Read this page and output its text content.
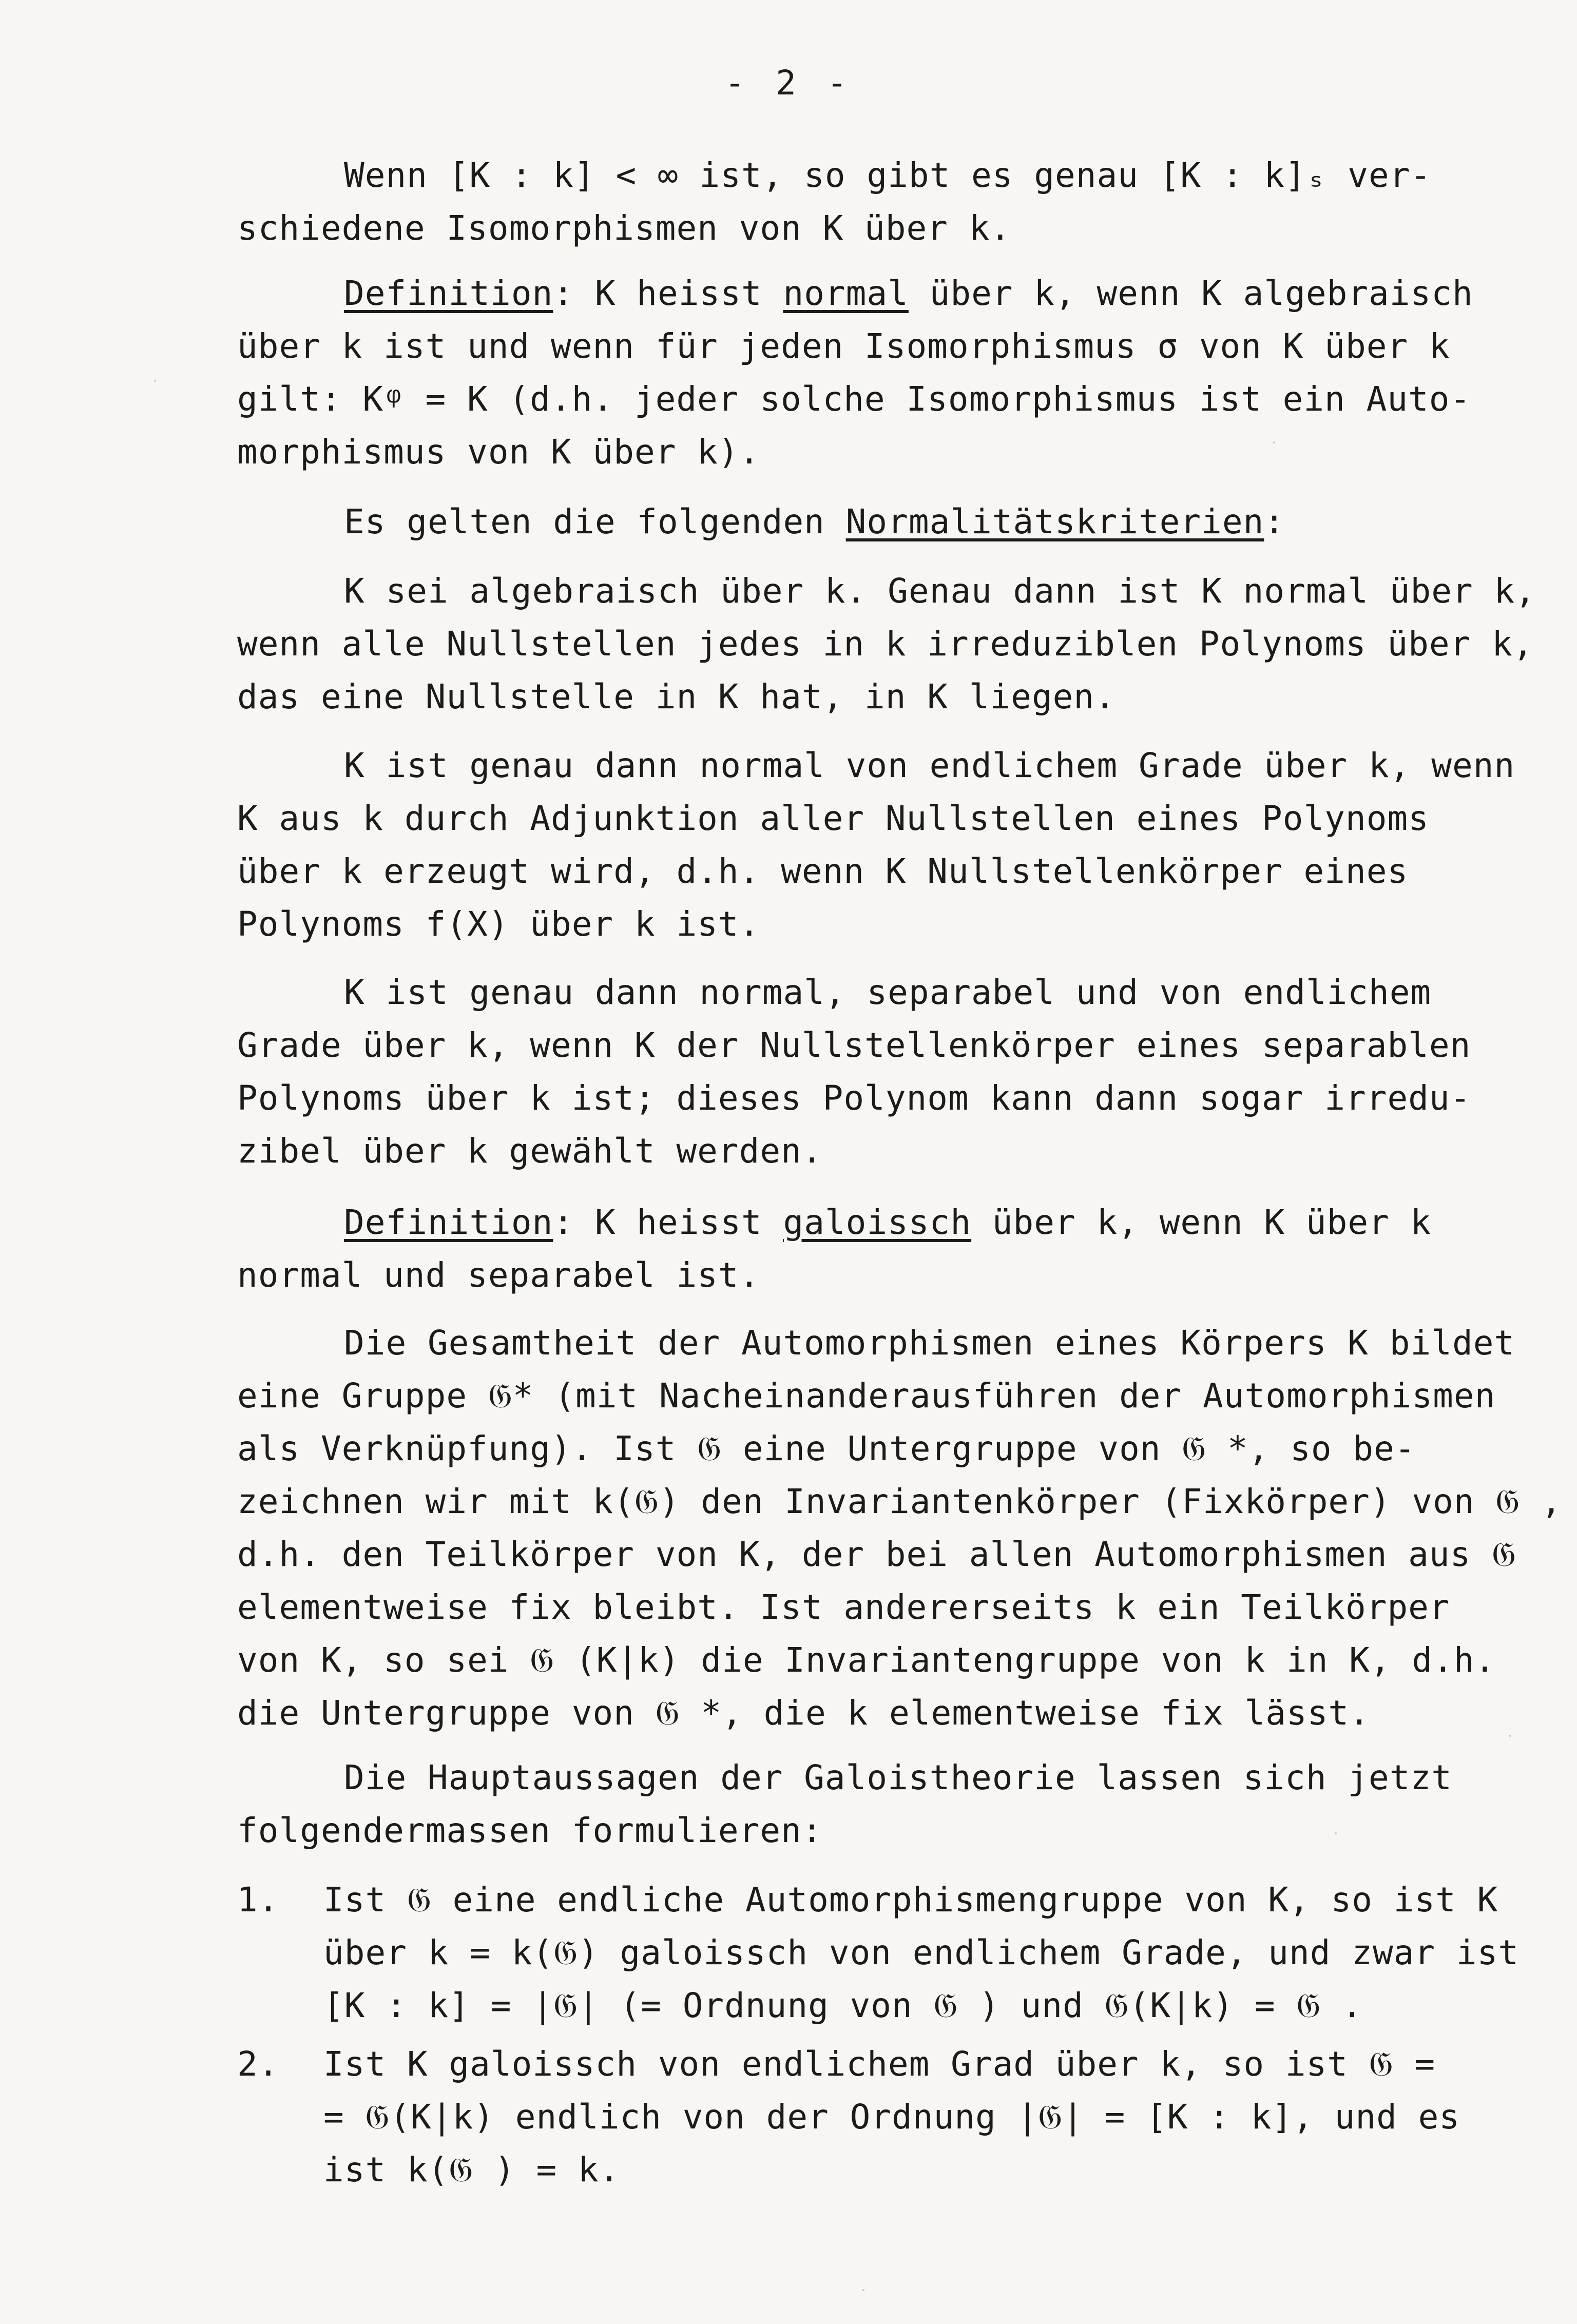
- 2 -
Wenn [K : k] < ∞ ist, so gibt es genau [K : k]ₛ ver-
schiedene Isomorphismen von K über k.
Definition: K heisst normal über k, wenn K algebraisch
über k ist und wenn für jeden Isomorphismus σ von K über k
gilt: Kᵠ = K (d.h. jeder solche Isomorphismus ist ein Auto-
morphismus von K über k).
Es gelten die folgenden Normalitätskriterien:
K sei algebraisch über k. Genau dann ist K normal über k,
wenn alle Nullstellen jedes in k irreduziblen Polynoms über k,
das eine Nullstelle in K hat, in K liegen.
K ist genau dann normal von endlichem Grade über k, wenn
K aus k durch Adjunktion aller Nullstellen eines Polynoms
über k erzeugt wird, d.h. wenn K Nullstellenkörper eines
Polynoms f(X) über k ist.
K ist genau dann normal, separabel und von endlichem
Grade über k, wenn K der Nullstellenkörper eines separablen
Polynoms über k ist; dieses Polynom kann dann sogar irredu-
zibel über k gewählt werden.
Definition: K heisst galoissch über k, wenn K über k
normal und separabel ist.
Die Gesamtheit der Automorphismen eines Körpers K bildet
eine Gruppe 𝔊* (mit Nacheinanderausführen der Automorphismen
als Verknüpfung). Ist 𝔊 eine Untergruppe von 𝔊 *, so be-
zeichnen wir mit k(𝔊) den Invariantenkörper (Fixkörper) von 𝔊 ,
d.h. den Teilkörper von K, der bei allen Automorphismen aus 𝔊
elementweise fix bleibt. Ist andererseits k ein Teilkörper
von K, so sei 𝔊 (K|k) die Invariantengruppe von k in K, d.h.
die Untergruppe von 𝔊 *, die k elementweise fix lässt.
Die Hauptaussagen der Galoistheorie lassen sich jetzt
folgendermassen formulieren:
1. Ist 𝔊 eine endliche Automorphismengruppe von K, so ist K
über k = k(𝔊) galoissch von endlichem Grade, und zwar ist
[K : k] = |𝔊| (= Ordnung von 𝔊 ) und 𝔊(K|k) = 𝔊 .
2. Ist K galoissch von endlichem Grad über k, so ist 𝔊 =
= 𝔊(K|k) endlich von der Ordnung |𝔊| = [K : k], und es
ist k(𝔊 ) = k.
